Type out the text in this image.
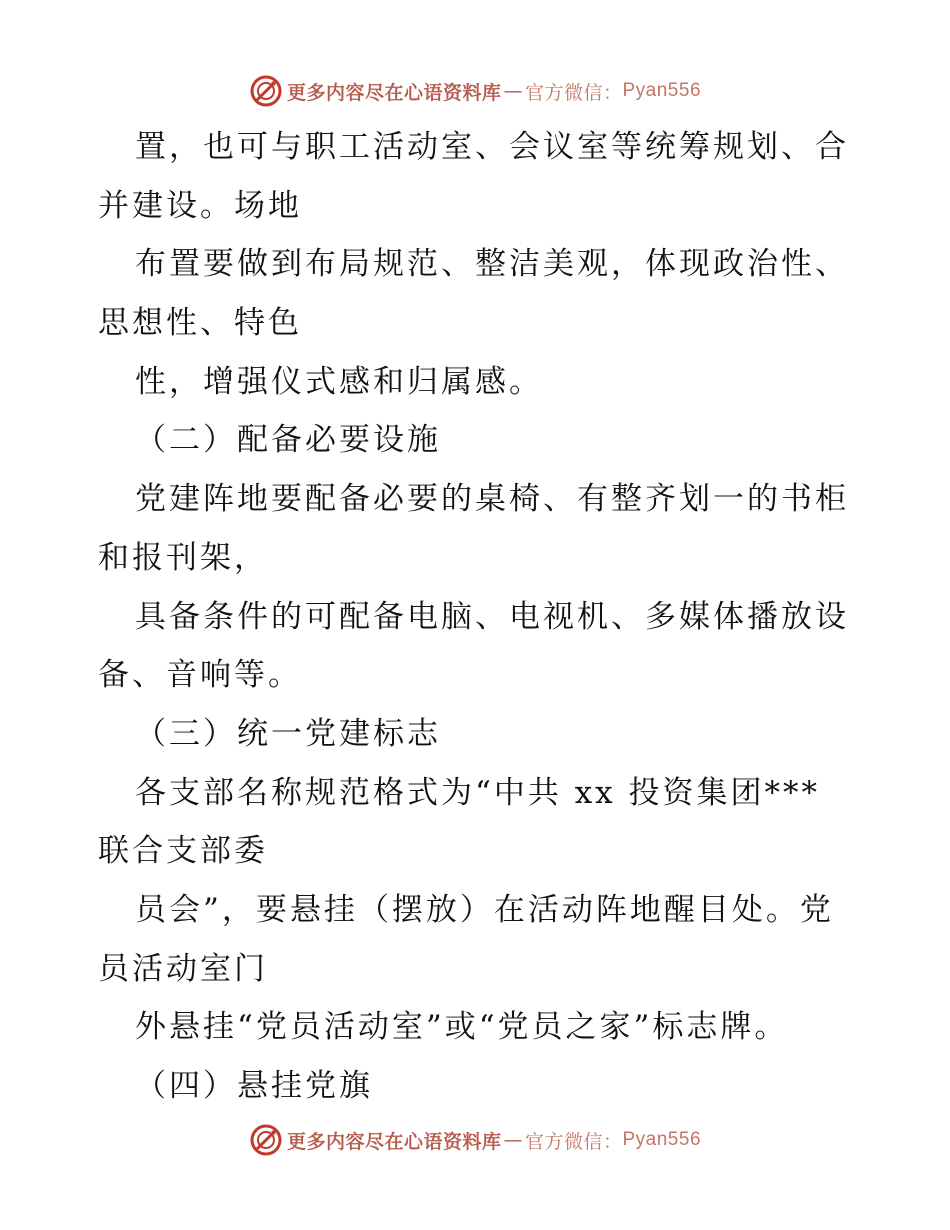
更多内容尽在心语资料库 — 官方微信： Pyan556
置，也可与职工活动室、会议室等统筹规划、合
并建设。场地
布置要做到布局规范、整洁美观，体现政治性、
思想性、特色
性，增强仪式感和归属感。
（二）配备必要设施
党建阵地要配备必要的桌椅、有整齐划一的书柜
和报刊架，
具备条件的可配备电脑、电视机、多媒体播放设
备、音响等。
（三）统一党建标志
各支部名称规范格式为“中共 xx 投资集团***
联合支部委
员会”，要悬挂（摆放）在活动阵地醒目处。党
员活动室门
外悬挂“党员活动室”或“党员之家”标志牌。
（四）悬挂党旗
更多内容尽在心语资料库 — 官方微信： Pyan556
